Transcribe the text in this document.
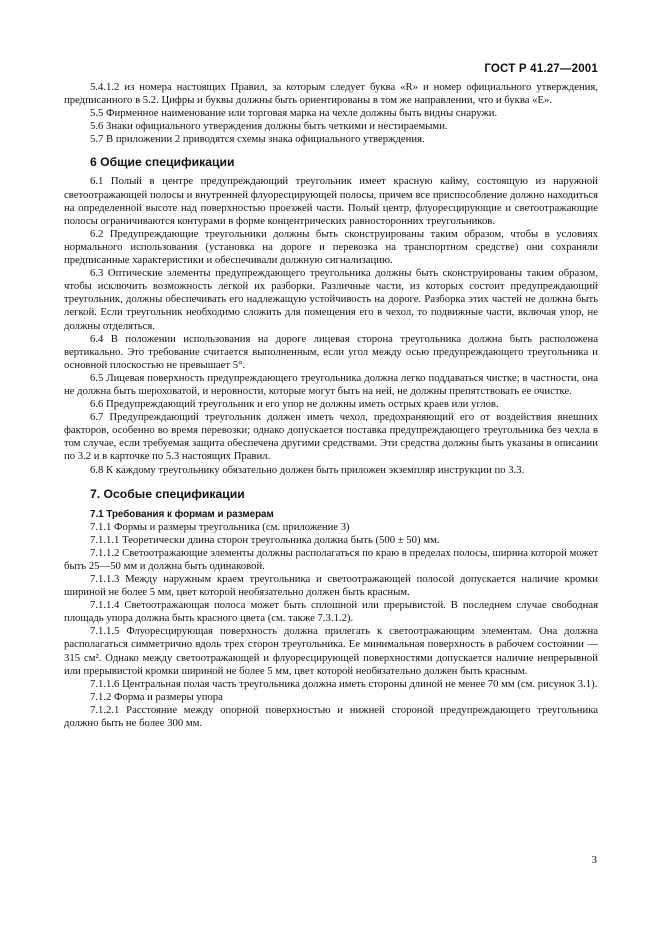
ГОСТ Р 41.27—2001

5.4.1.2 из номера настоящих Правил, за которым следует буква «R» и номер официального утверждения, предписанного в 5.2. Цифры и буквы должны быть ориентированы в том же направлении, что и буква «Е».

5.5 Фирменное наименование или торговая марка на чехле должны быть видны снаружи.

5.6 Знаки официального утверждения должны быть четкими и нестираемыми.

5.7 В приложении 2 приводятся схемы знака официального утверждения.

6 Общие спецификации

6.1 Полый в центре предупреждающий треугольник имеет красную кайму, состоящую из наружной светоотражающей полосы и внутренней флуоресцирующей полосы, причем все приспособление должно находиться на определенной высоте над поверхностью проезжей части. Полый центр, флуоресцирующие и светоотражающие полосы ограничиваются контурами в форме концентрических равносторонних треугольников.

6.2 Предупреждающие треугольники должны быть сконструированы таким образом, чтобы в условиях нормального использования (установка на дороге и перевозка на транспортном средстве) они сохраняли предписанные характеристики и обеспечивали должную сигнализацию.

6.3 Оптические элементы предупреждающего треугольника должны быть сконструированы таким образом, чтобы исключить возможность легкой их разборки. Различные части, из которых состоит предупреждающий треугольник, должны обеспечивать его надлежащую устойчивость на дороге. Разборка этих частей не должна быть легкой. Если треугольник необходимо сложить для помещения его в чехол, то подвижные части, включая упор, не должны отделяться.

6.4 В положении использования на дороге лицевая сторона треугольника должна быть расположена вертикально. Это требование считается выполненным, если угол между осью предупреждающего треугольника и основной плоскостью не превышает 5°.

6.5 Лицевая поверхность предупреждающего треугольника должна легко поддаваться чистке; в частности, она не должна быть шероховатой, и неровности, которые могут быть на ней, не должны препятствовать ее очистке.

6.6 Предупреждающий треугольник и его упор не должны иметь острых краев или углов.

6.7 Предупреждающий треугольник должен иметь чехол, предохраняющий его от воздействия внешних факторов, особенно во время перевозки; однако допускается поставка предупреждающего треугольника без чехла в том случае, если требуемая защита обеспечена другими средствами. Эти средства должны быть указаны в описании по 3.2 и в карточке по 5.3 настоящих Правил.

6.8 К каждому треугольнику обязательно должен быть приложен экземпляр инструкции по 3.3.

7. Особые спецификации

7.1 Требования к формам и размерам

7.1.1 Формы и размеры треугольника (см. приложение 3)

7.1.1.1 Теоретически длина сторон треугольника должна быть (500 ± 50) мм.

7.1.1.2 Светоотражающие элементы должны располагаться по краю в пределах полосы, ширина которой может быть 25—50 мм и должна быть одинаковой.

7.1.1.3 Между наружным краем треугольника и светоотражающей полосой допускается наличие кромки шириной не более 5 мм, цвет которой необязательно должен быть красным.

7.1.1.4 Светоотражающая полоса может быть сплошной или прерывистой. В последнем случае свободная площадь упора должна быть красного цвета (см. также 7.3.1.2).

7.1.1.5 Флуоресцирующая поверхность должна прилегать к светоотражающим элементам. Она должна располагаться симметрично вдоль трех сторон треугольника. Ее минимальная поверхность в рабочем состоянии — 315 см². Однако между светоотражающей и флуоресцирующей поверхностями допускается наличие непрерывной или прерывистой кромки шириной не более 5 мм, цвет которой необязательно должен быть красным.

7.1.1.6 Центральная полая часть треугольника должна иметь стороны длиной не менее 70 мм (см. рисунок 3.1).

7.1.2 Форма и размеры упора

7.1.2.1 Расстояние между опорной поверхностью и нижней стороной предупреждающего треугольника должно быть не более 300 мм.

3
